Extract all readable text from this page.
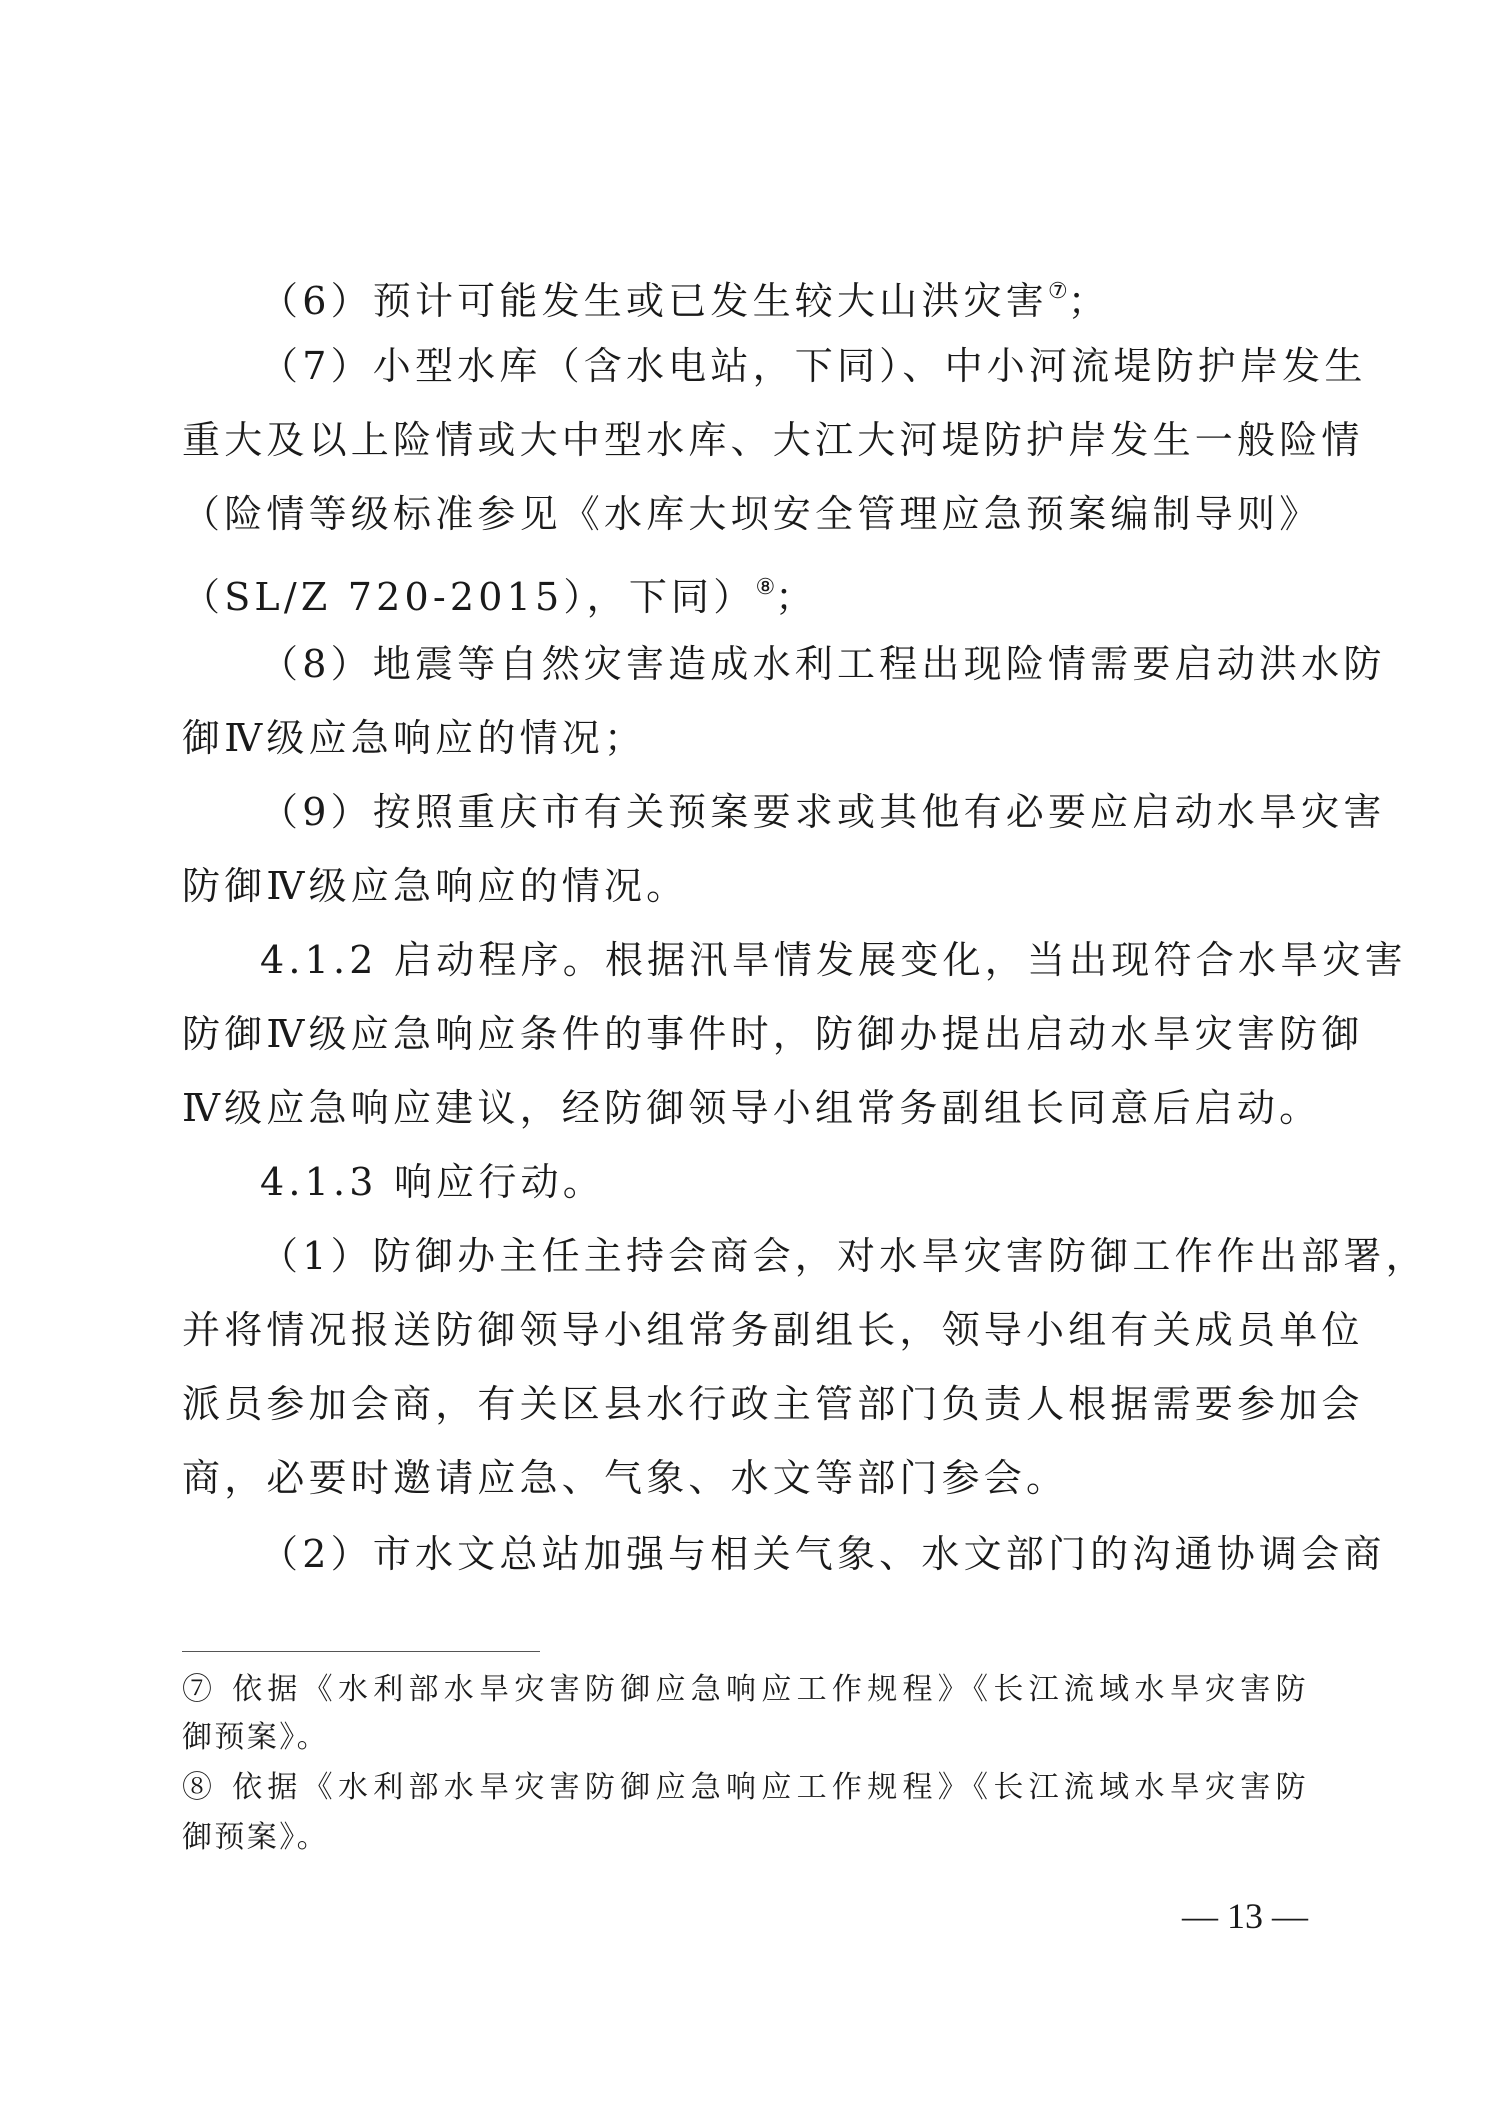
（6）预计可能发生或已发生较大山洪灾害⑦；
（7）小型水库（含水电站，下同）、中小河流堤防护岸发生
重大及以上险情或大中型水库、大江大河堤防护岸发生一般险情
（险情等级标准参见《水库大坝安全管理应急预案编制导则》
（SL/Z 720-2015），下同）⑧；
（8）地震等自然灾害造成水利工程出现险情需要启动洪水防
御Ⅳ级应急响应的情况；
（9）按照重庆市有关预案要求或其他有必要应启动水旱灾害
防御Ⅳ级应急响应的情况。
4.1.2 启动程序。根据汛旱情发展变化，当出现符合水旱灾害
防御Ⅳ级应急响应条件的事件时，防御办提出启动水旱灾害防御
Ⅳ级应急响应建议，经防御领导小组常务副组长同意后启动。
4.1.3 响应行动。
（1）防御办主任主持会商会，对水旱灾害防御工作作出部署，
并将情况报送防御领导小组常务副组长，领导小组有关成员单位
派员参加会商，有关区县水行政主管部门负责人根据需要参加会
商，必要时邀请应急、气象、水文等部门参会。
（2）市水文总站加强与相关气象、水文部门的沟通协调会商
⑦ 依据《水利部水旱灾害防御应急响应工作规程》《长江流域水旱灾害防
御预案》。
⑧ 依据《水利部水旱灾害防御应急响应工作规程》《长江流域水旱灾害防
御预案》。
— 13 —
